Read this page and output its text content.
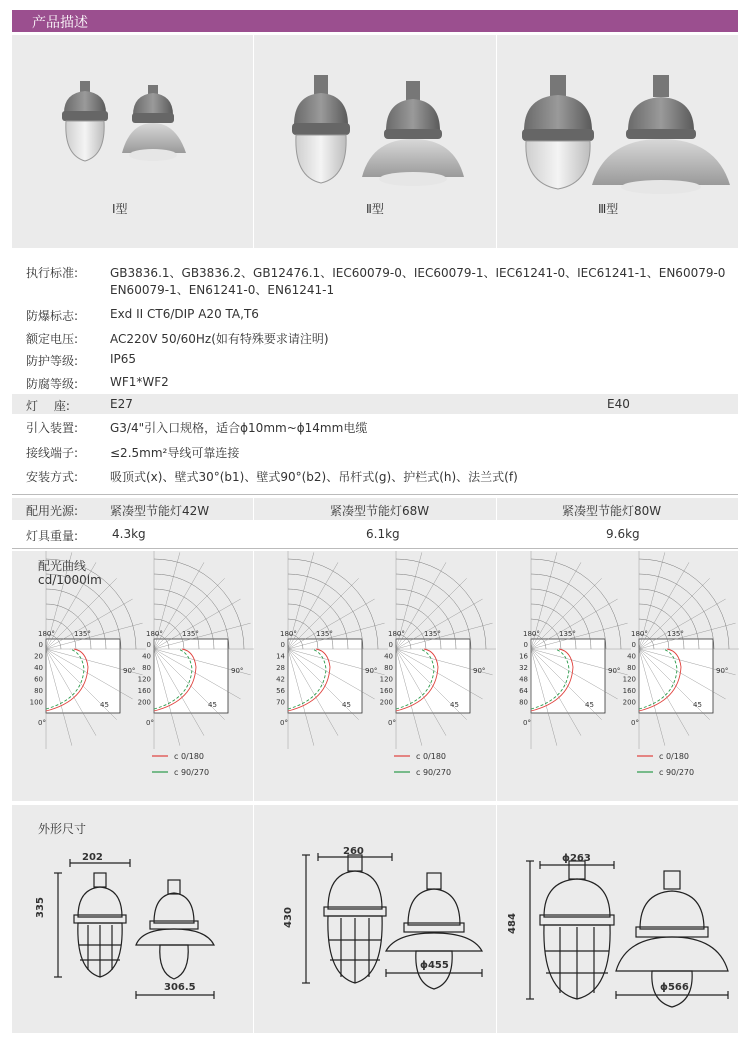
产品描述
Ⅰ型	Ⅱ型	Ⅲ型
执行标准:	GB3836.1、GB3836.2、GB12476.1、IEC60079-0、IEC60079-1、IEC61241-0、IEC61241-1、EN60079-0
EN60079-1、EN61241-0、EN61241-1
防爆标志:	Exd II CT6/DIP A20 TA,T6
额定电压:	AC220V 50/60Hz(如有特殊要求请注明)
防护等级:	IP65
防腐等级:	WF1*WF2
灯 座:	E27	E40
引入装置:	G3/4"引入口规格，适合ϕ10mm~ϕ14mm电缆
接线端子:	≤2.5mm²导线可靠连接
安装方式:	吸顶式(x)、壁式30°(b1)、壁式90°(b2)、吊杆式(g)、护栏式(h)、法兰式(f)
配用光源:	紧凑型节能灯42W	紧凑型节能灯68W	紧凑型节能灯80W
灯具重量:	4.3kg	6.1kg	9.6kg
配光曲线
cd/1000lm
0
20
40
60
80
100
180°	135°
90°
45
0°
0
40
80
120
160
200
180°	135°
90°
45
0°
c 0/180
c 90/270
0
14
28
42
56
70
180°	135°
90°
45
0°
0
40
80
120
160
200
180°	135°
90°
45
0°
c 0/180
c 90/270
0
16
32
48
64
80
180°	135°
90°
45
0°
0
40
80
120
160
200
180°	135°
90°
45
0°
c 0/180
c 90/270
外形尺寸
202
335
306.5
260
430
ϕ455
ϕ263
484
ϕ566
